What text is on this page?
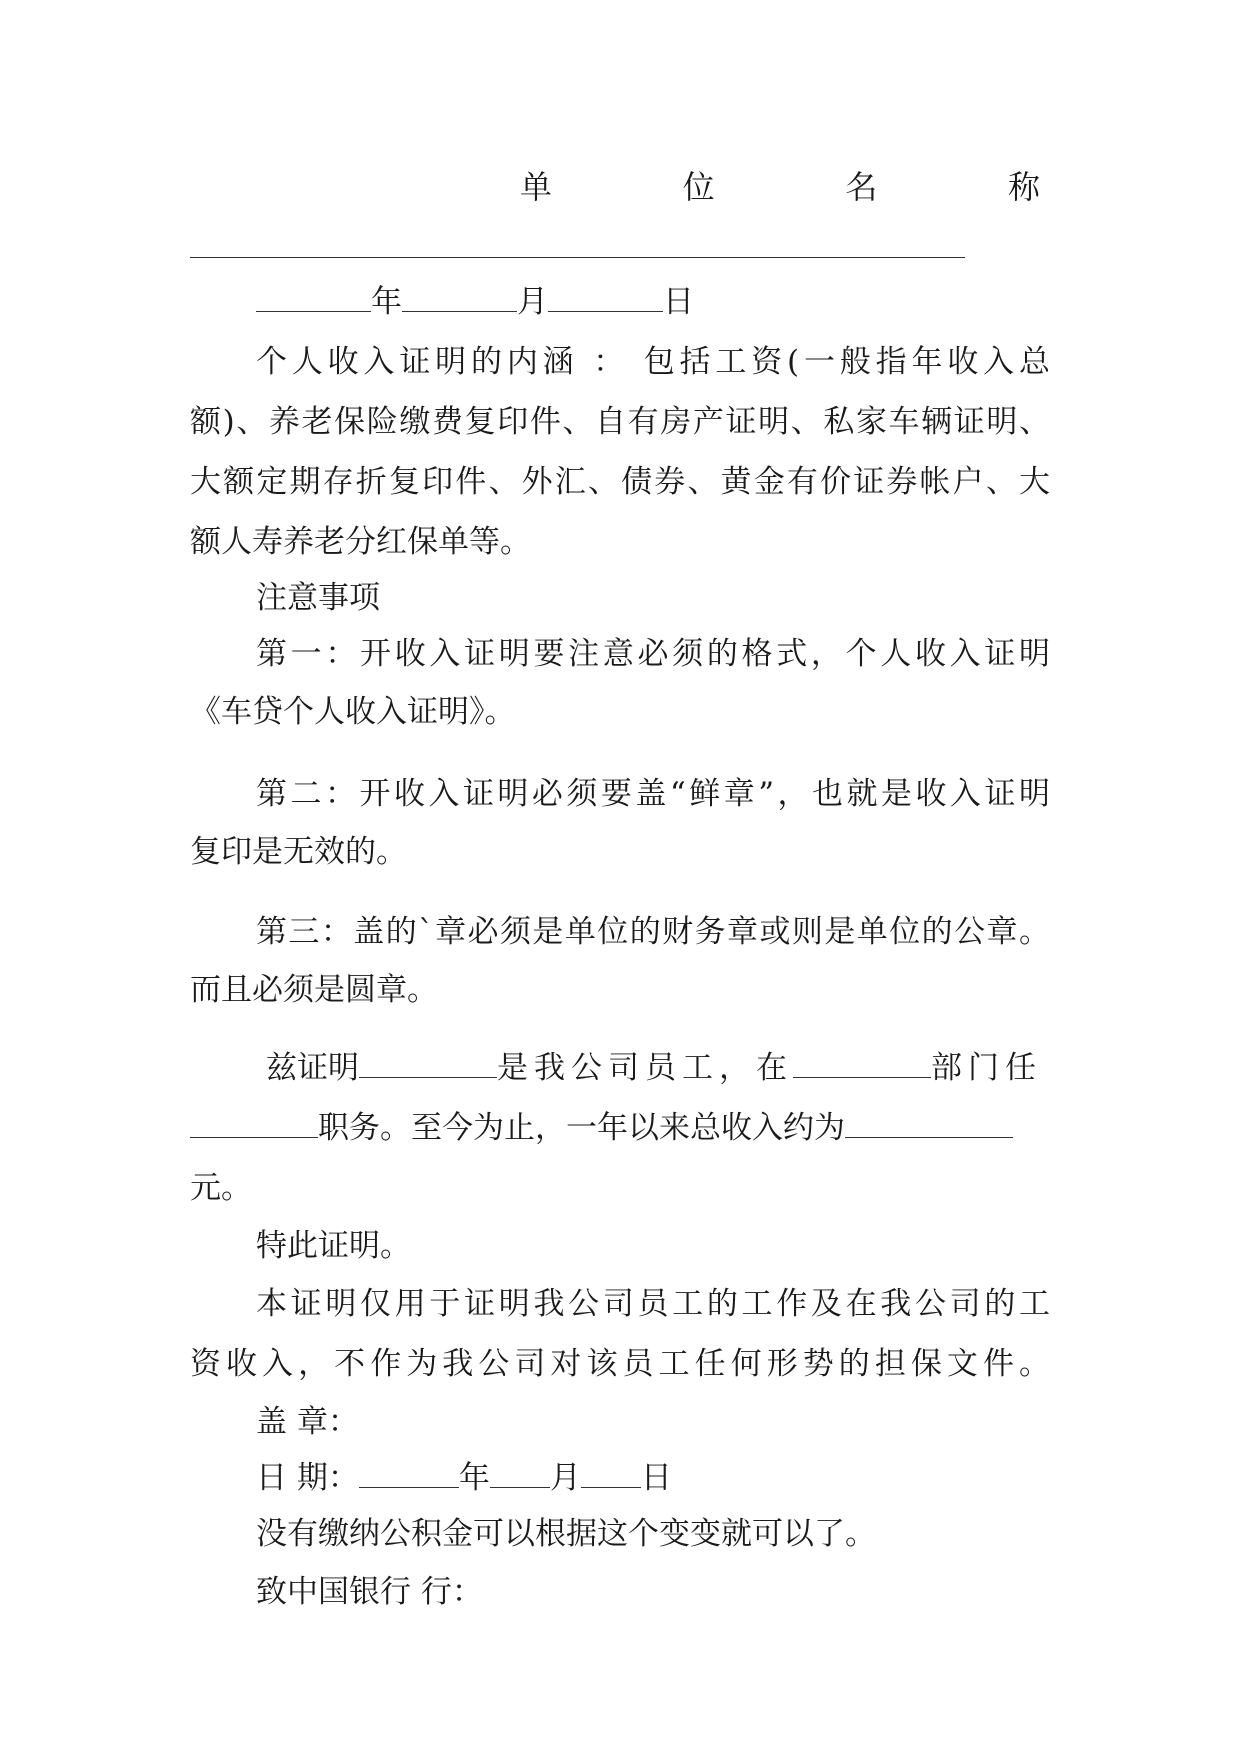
单	位	名	称
年	月	日
个人收入证明的内涵 ： 包括工资(一般指年收入总
额)、养老保险缴费复印件、自有房产证明、私家车辆证明、
大额定期存折复印件、外汇、债券、黄金有价证券帐户、大
额人寿养老分红保单等。
注意事项
第一：开收入证明要注意必须的格式，个人收入证明
《车贷个人收入证明》。
第二：开收入证明必须要盖“鲜章”，也就是收入证明
复印是无效的。
第三：盖的`章必须是单位的财务章或则是单位的公章。
而且必须是圆章。
兹证明	是我公司员工，在	部门任
职务。至今为止，一年以来总收入约为
元。
特此证明。
本证明仅用于证明我公司员工的工作及在我公司的工
资收入，不作为我公司对该员工任何形势的担保文件。
盖 章：
日 期：	年 月 日
没有缴纳公积金可以根据这个变变就可以了。
致中国银行 行：
